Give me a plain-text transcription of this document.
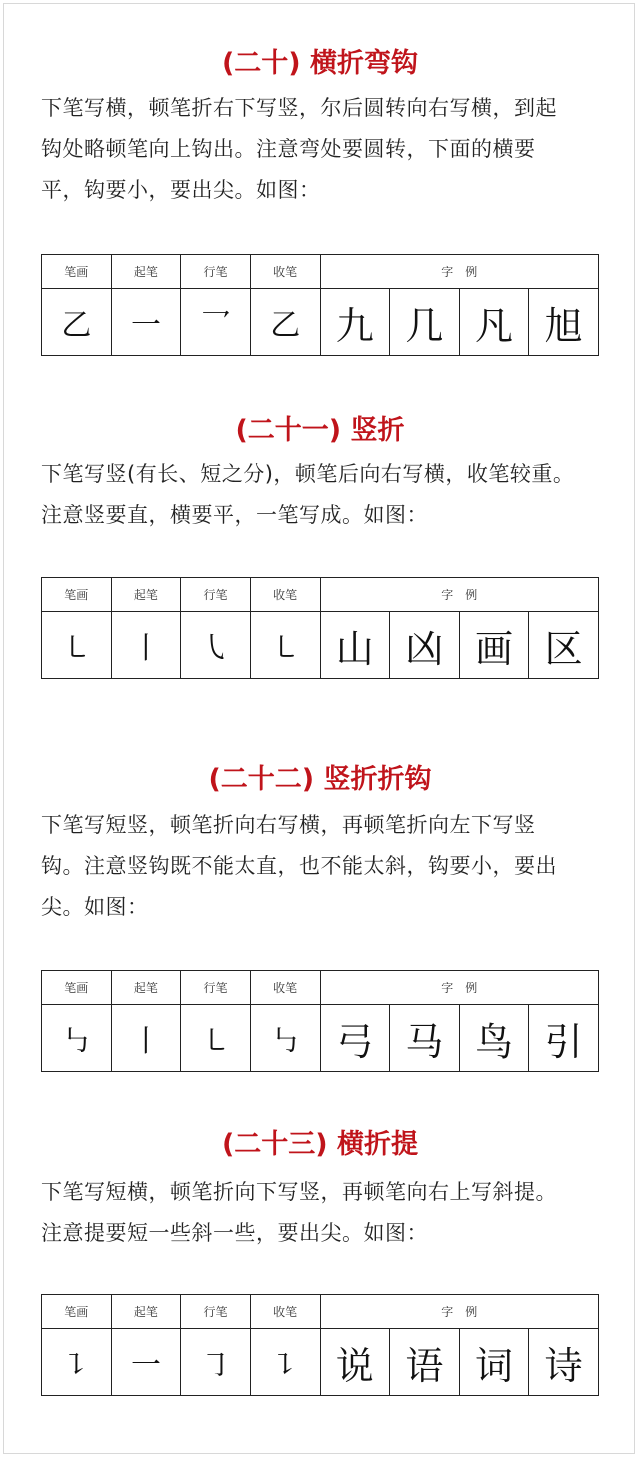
(二十) 横折弯钩
下笔写横，顿笔折右下写竖，尔后圆转向右写横，到起
钩处略顿笔向上钩出。注意弯处要圆转，下面的横要
平，钩要小，要出尖。如图：
笔画	起笔	行笔	收笔	字　例			
乙	一	乛	乙	九	几	凡	旭
(二十一) 竖折
下笔写竖(有长、短之分)，顿笔后向右写横，收笔较重。
注意竖要直，横要平，一笔写成。如图：
笔画	起笔	行笔	收笔	字　例			
㇄	丨	㇂	㇄	山	凶	画	区
(二十二) 竖折折钩
下笔写短竖，顿笔折向右写横，再顿笔折向左下写竖
钩。注意竖钩既不能太直，也不能太斜，钩要小，要出
尖。如图：
笔画	起笔	行笔	收笔	字　例			
㇉	丨	㇄	㇉	弓	马	鸟	引
(二十三) 横折提
下笔写短横，顿笔折向下写竖，再顿笔向右上写斜提。
注意提要短一些斜一些，要出尖。如图：
笔画	起笔	行笔	收笔	字　例			
㇊	一	㇆	㇊	说	语	词	诗
